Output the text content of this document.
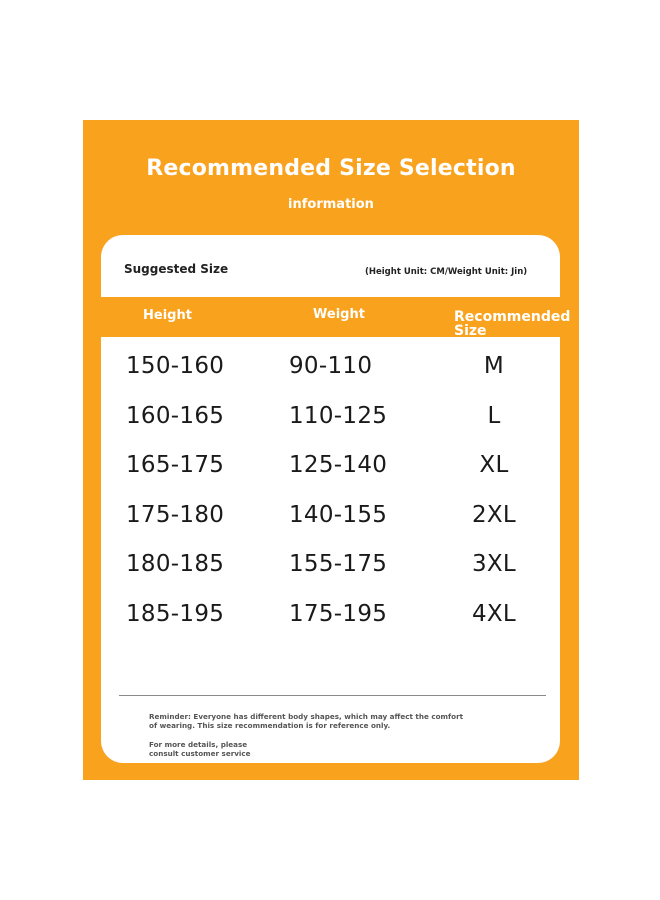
Recommended Size Selection
information
Suggested Size	(Height Unit: CM/Weight Unit: Jin)
150-160	90-110	M
160-165	110-125	L
165-175	125-140	XL
175-180	140-155	2XL
180-185	155-175	3XL
185-195	175-195	4XL
Reminder: Everyone has different body shapes, which may affect the comfort
of wearing. This size recommendation is for reference only.
For more details, please
consult customer service
Height	Weight	Recommended Size
